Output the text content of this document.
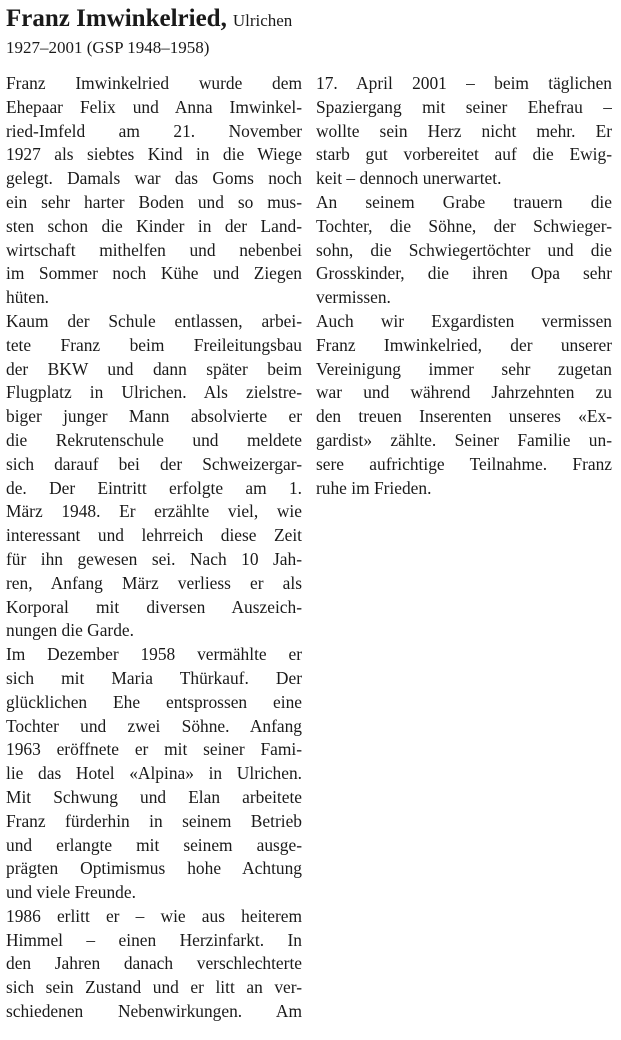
Franz Imwinkelried, Ulrichen
1927–2001 (GSP 1948–1958)
Franz Imwinkelried wurde dem
Ehepaar Felix und Anna Imwinkel-
ried-Imfeld am 21. November
1927 als siebtes Kind in die Wiege
gelegt. Damals war das Goms noch
ein sehr harter Boden und so mus-
sten schon die Kinder in der Land-
wirtschaft mithelfen und nebenbei
im Sommer noch Kühe und Ziegen
hüten.
Kaum der Schule entlassen, arbei-
tete Franz beim Freileitungsbau
der BKW und dann später beim
Flugplatz in Ulrichen. Als zielstre-
biger junger Mann absolvierte er
die Rekrutenschule und meldete
sich darauf bei der Schweizergar-
de. Der Eintritt erfolgte am 1.
März 1948. Er erzählte viel, wie
interessant und lehrreich diese Zeit
für ihn gewesen sei. Nach 10 Jah-
ren, Anfang März verliess er als
Korporal mit diversen Auszeich-
nungen die Garde.
Im Dezember 1958 vermählte er
sich mit Maria Thürkauf. Der
glücklichen Ehe entsprossen eine
Tochter und zwei Söhne. Anfang
1963 eröffnete er mit seiner Fami-
lie das Hotel «Alpina» in Ulrichen.
Mit Schwung und Elan arbeitete
Franz fürderhin in seinem Betrieb
und erlangte mit seinem ausge-
prägten Optimismus hohe Achtung
und viele Freunde.
1986 erlitt er – wie aus heiterem
Himmel – einen Herzinfarkt. In
den Jahren danach verschlechterte
sich sein Zustand und er litt an ver-
schiedenen Nebenwirkungen. Am
17. April 2001 – beim täglichen
Spaziergang mit seiner Ehefrau –
wollte sein Herz nicht mehr. Er
starb gut vorbereitet auf die Ewig-
keit – dennoch unerwartet.
An seinem Grabe trauern die
Tochter, die Söhne, der Schwieger-
sohn, die Schwiegertöchter und die
Grosskinder, die ihren Opa sehr
vermissen.
Auch wir Exgardisten vermissen
Franz Imwinkelried, der unserer
Vereinigung immer sehr zugetan
war und während Jahrzehnten zu
den treuen Inserenten unseres «Ex-
gardist» zählte. Seiner Familie un-
sere aufrichtige Teilnahme. Franz
ruhe im Frieden.
